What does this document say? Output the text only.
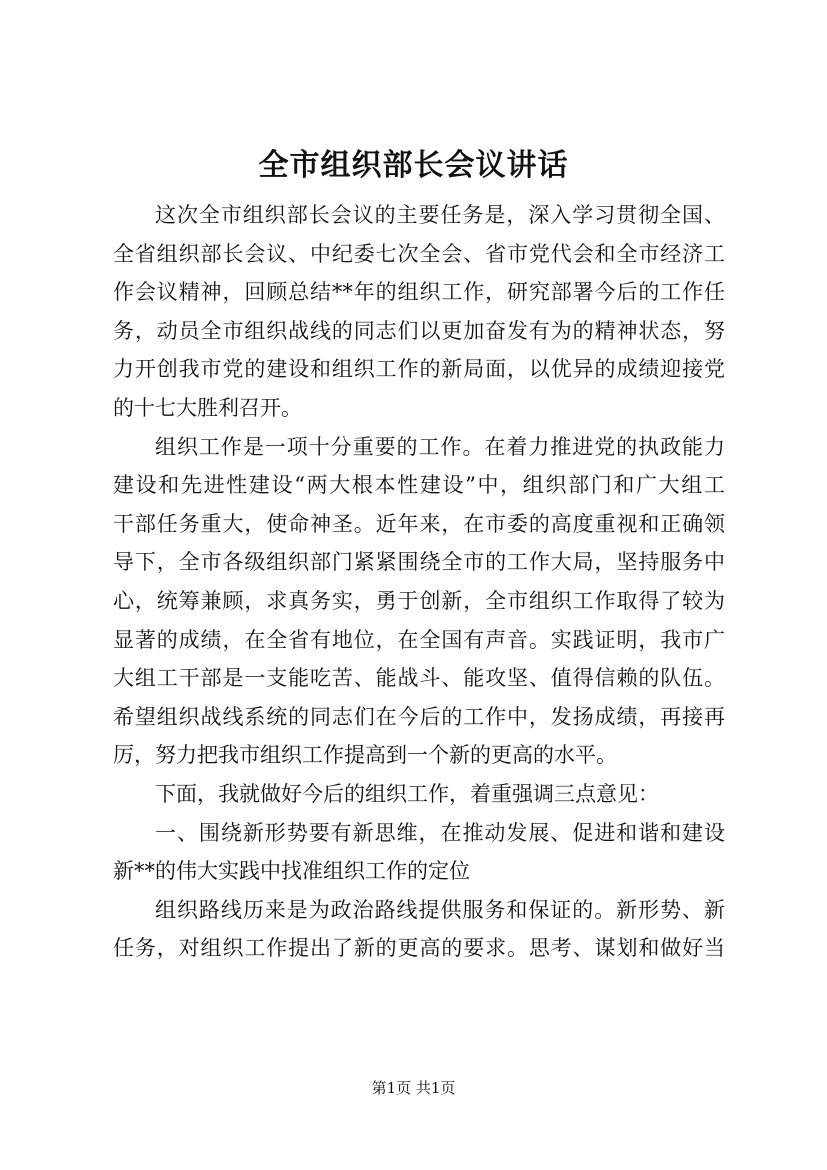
全市组织部长会议讲话
这次全市组织部长会议的主要任务是，深入学习贯彻全国、
全省组织部长会议、中纪委七次全会、省市党代会和全市经济工
作会议精神，回顾总结**年的组织工作，研究部署今后的工作任
务，动员全市组织战线的同志们以更加奋发有为的精神状态，努
力开创我市党的建设和组织工作的新局面，以优异的成绩迎接党
的十七大胜利召开。
组织工作是一项十分重要的工作。在着力推进党的执政能力
建设和先进性建设“两大根本性建设”中，组织部门和广大组工
干部任务重大，使命神圣。近年来，在市委的高度重视和正确领
导下，全市各级组织部门紧紧围绕全市的工作大局，坚持服务中
心，统筹兼顾，求真务实，勇于创新，全市组织工作取得了较为
显著的成绩，在全省有地位，在全国有声音。实践证明，我市广
大组工干部是一支能吃苦、能战斗、能攻坚、值得信赖的队伍。
希望组织战线系统的同志们在今后的工作中，发扬成绩，再接再
厉，努力把我市组织工作提高到一个新的更高的水平。
下面，我就做好今后的组织工作，着重强调三点意见：
一、围绕新形势要有新思维，在推动发展、促进和谐和建设
新**的伟大实践中找准组织工作的定位
组织路线历来是为政治路线提供服务和保证的。新形势、新
任务，对组织工作提出了新的更高的要求。思考、谋划和做好当
第1页 共1页
